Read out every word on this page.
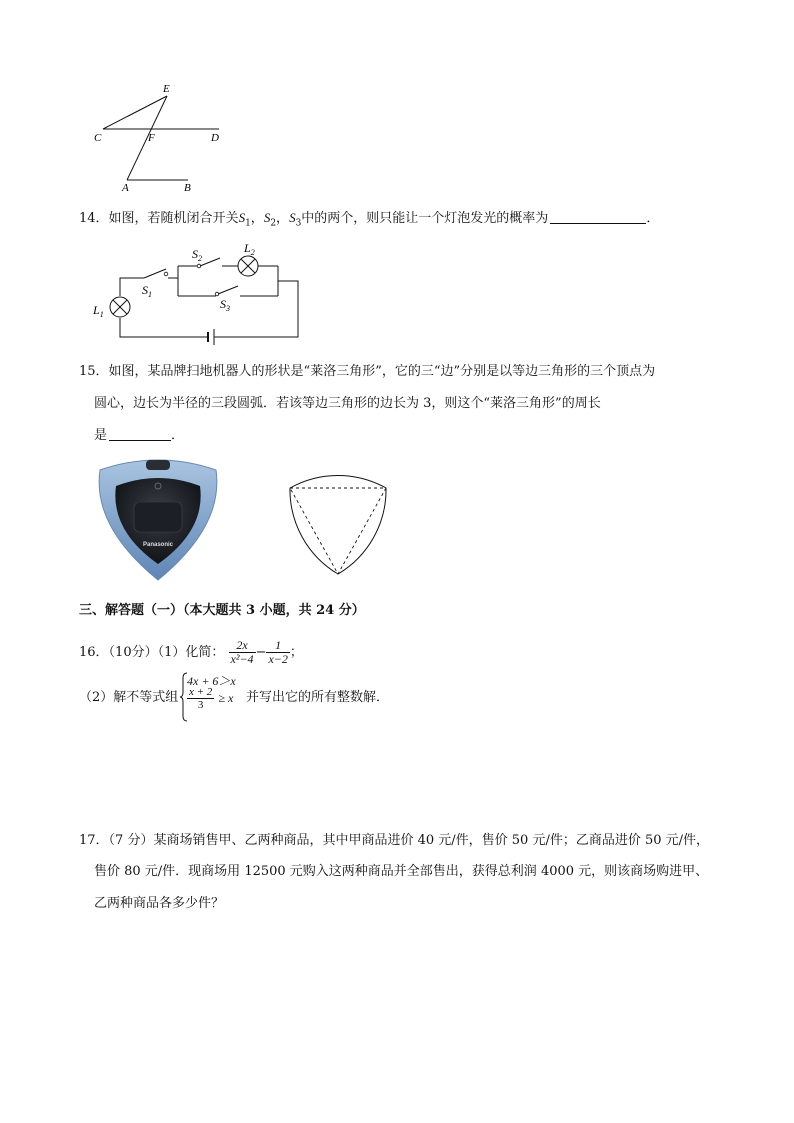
E
C	F	D
A	B
14．如图，若随机闭合开关$S_1$，$S_2$，$S_3$中的两个，则只能让一个灯泡发光的概率为	．
$S_2$
$L_2$
$S_1$
$L_1$
$S_3$
15．如图，某品牌扫地机器人的形状是“莱洛三角形”，它的三“边”分别是以等边三角形的三个顶点为
圆心，边长为半径的三段圆弧．若该等边三角形的边长为 3，则这个“莱洛三角形”的周长
是	．
Panasonic
三、解答题（一）（本大题共 3 小题，共 24 分）
16．（10分）（1）化简： $\frac{2x}{\text{x²−4}} - \frac{1}{x-2}$ ；
（2）解不等式组
4x + 6＞x
$\frac{x + 2}{3} \ge x$ 并写出它的所有整数解．
17．（7 分）某商场销售甲、乙两种商品，其中甲商品进价 40 元/件，售价 50 元/件；乙商品进价 50 元/件，
售价 80 元/件．现商场用 12500 元购入这两种商品并全部售出，获得总利润 4000 元，则该商场购进甲、
乙两种商品各多少件？
